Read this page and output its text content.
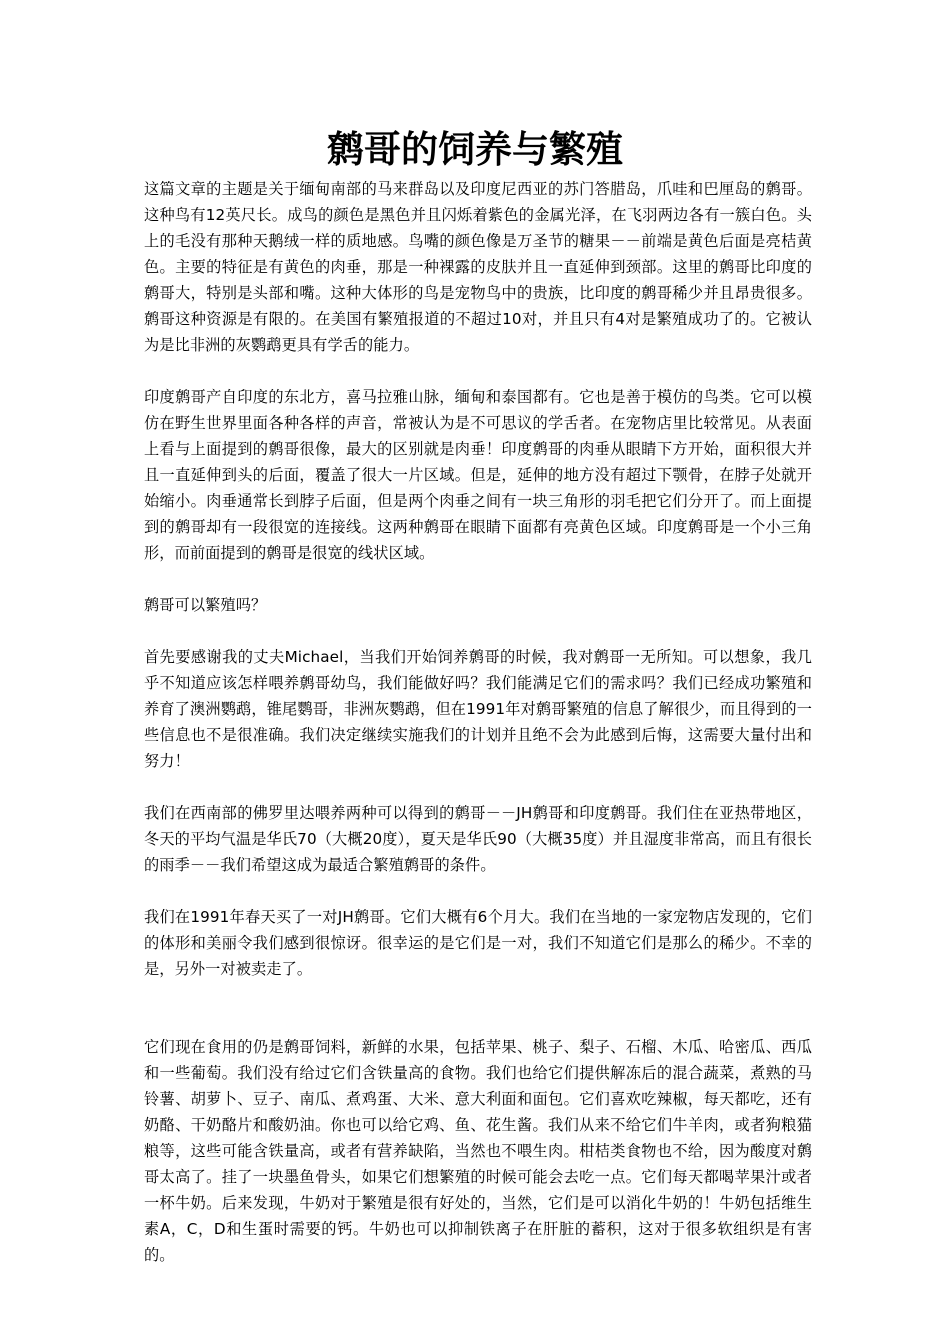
鹩哥的饲养与繁殖

这篇文章的主题是关于缅甸南部的马来群岛以及印度尼西亚的苏门答腊岛，爪哇和巴厘岛的鹩哥。这种鸟有12英尺长。成鸟的颜色是黑色并且闪烁着紫色的金属光泽，在飞羽两边各有一簇白色。头上的毛没有那种天鹅绒一样的质地感。鸟嘴的颜色像是万圣节的糖果－－前端是黄色后面是亮桔黄色。主要的特征是有黄色的肉垂，那是一种裸露的皮肤并且一直延伸到颈部。这里的鹩哥比印度的鹩哥大，特别是头部和嘴。这种大体形的鸟是宠物鸟中的贵族，比印度的鹩哥稀少并且昂贵很多。鹩哥这种资源是有限的。在美国有繁殖报道的不超过10对，并且只有4对是繁殖成功了的。它被认为是比非洲的灰鹦鹉更具有学舌的能力。

印度鹩哥产自印度的东北方，喜马拉雅山脉，缅甸和泰国都有。它也是善于模仿的鸟类。它可以模仿在野生世界里面各种各样的声音，常被认为是不可思议的学舌者。在宠物店里比较常见。从表面上看与上面提到的鹩哥很像，最大的区别就是肉垂！印度鹩哥的肉垂从眼睛下方开始，面积很大并且一直延伸到头的后面，覆盖了很大一片区域。但是，延伸的地方没有超过下颚骨，在脖子处就开始缩小。肉垂通常长到脖子后面，但是两个肉垂之间有一块三角形的羽毛把它们分开了。而上面提到的鹩哥却有一段很宽的连接线。这两种鹩哥在眼睛下面都有亮黄色区域。印度鹩哥是一个小三角形，而前面提到的鹩哥是很宽的线状区域。

鹩哥可以繁殖吗？

首先要感谢我的丈夫Michael，当我们开始饲养鹩哥的时候，我对鹩哥一无所知。可以想象，我几乎不知道应该怎样喂养鹩哥幼鸟，我们能做好吗？我们能满足它们的需求吗？我们已经成功繁殖和养育了澳洲鹦鹉，锥尾鹦哥，非洲灰鹦鹉，但在1991年对鹩哥繁殖的信息了解很少，而且得到的一些信息也不是很准确。我们决定继续实施我们的计划并且绝不会为此感到后悔，这需要大量付出和努力！

我们在西南部的佛罗里达喂养两种可以得到的鹩哥－－JH鹩哥和印度鹩哥。我们住在亚热带地区，冬天的平均气温是华氏70（大概20度），夏天是华氏90（大概35度）并且湿度非常高，而且有很长的雨季－－我们希望这成为最适合繁殖鹩哥的条件。

我们在1991年春天买了一对JH鹩哥。它们大概有6个月大。我们在当地的一家宠物店发现的，它们的体形和美丽令我们感到很惊讶。很幸运的是它们是一对，我们不知道它们是那么的稀少。不幸的是，另外一对被卖走了。

它们现在食用的仍是鹩哥饲料，新鲜的水果，包括苹果、桃子、梨子、石榴、木瓜、哈密瓜、西瓜和一些葡萄。我们没有给过它们含铁量高的食物。我们也给它们提供解冻后的混合蔬菜，煮熟的马铃薯、胡萝卜、豆子、南瓜、煮鸡蛋、大米、意大利面和面包。它们喜欢吃辣椒，每天都吃，还有奶酪、干奶酪片和酸奶油。你也可以给它鸡、鱼、花生酱。我们从来不给它们牛羊肉，或者狗粮猫粮等，这些可能含铁量高，或者有营养缺陷，当然也不喂生肉。柑桔类食物也不给，因为酸度对鹩哥太高了。挂了一块墨鱼骨头，如果它们想繁殖的时候可能会去吃一点。它们每天都喝苹果汁或者一杯牛奶。后来发现，牛奶对于繁殖是很有好处的，当然，它们是可以消化牛奶的！牛奶包括维生素A，C，D和生蛋时需要的钙。牛奶也可以抑制铁离子在肝脏的蓄积，这对于很多软组织是有害的。
